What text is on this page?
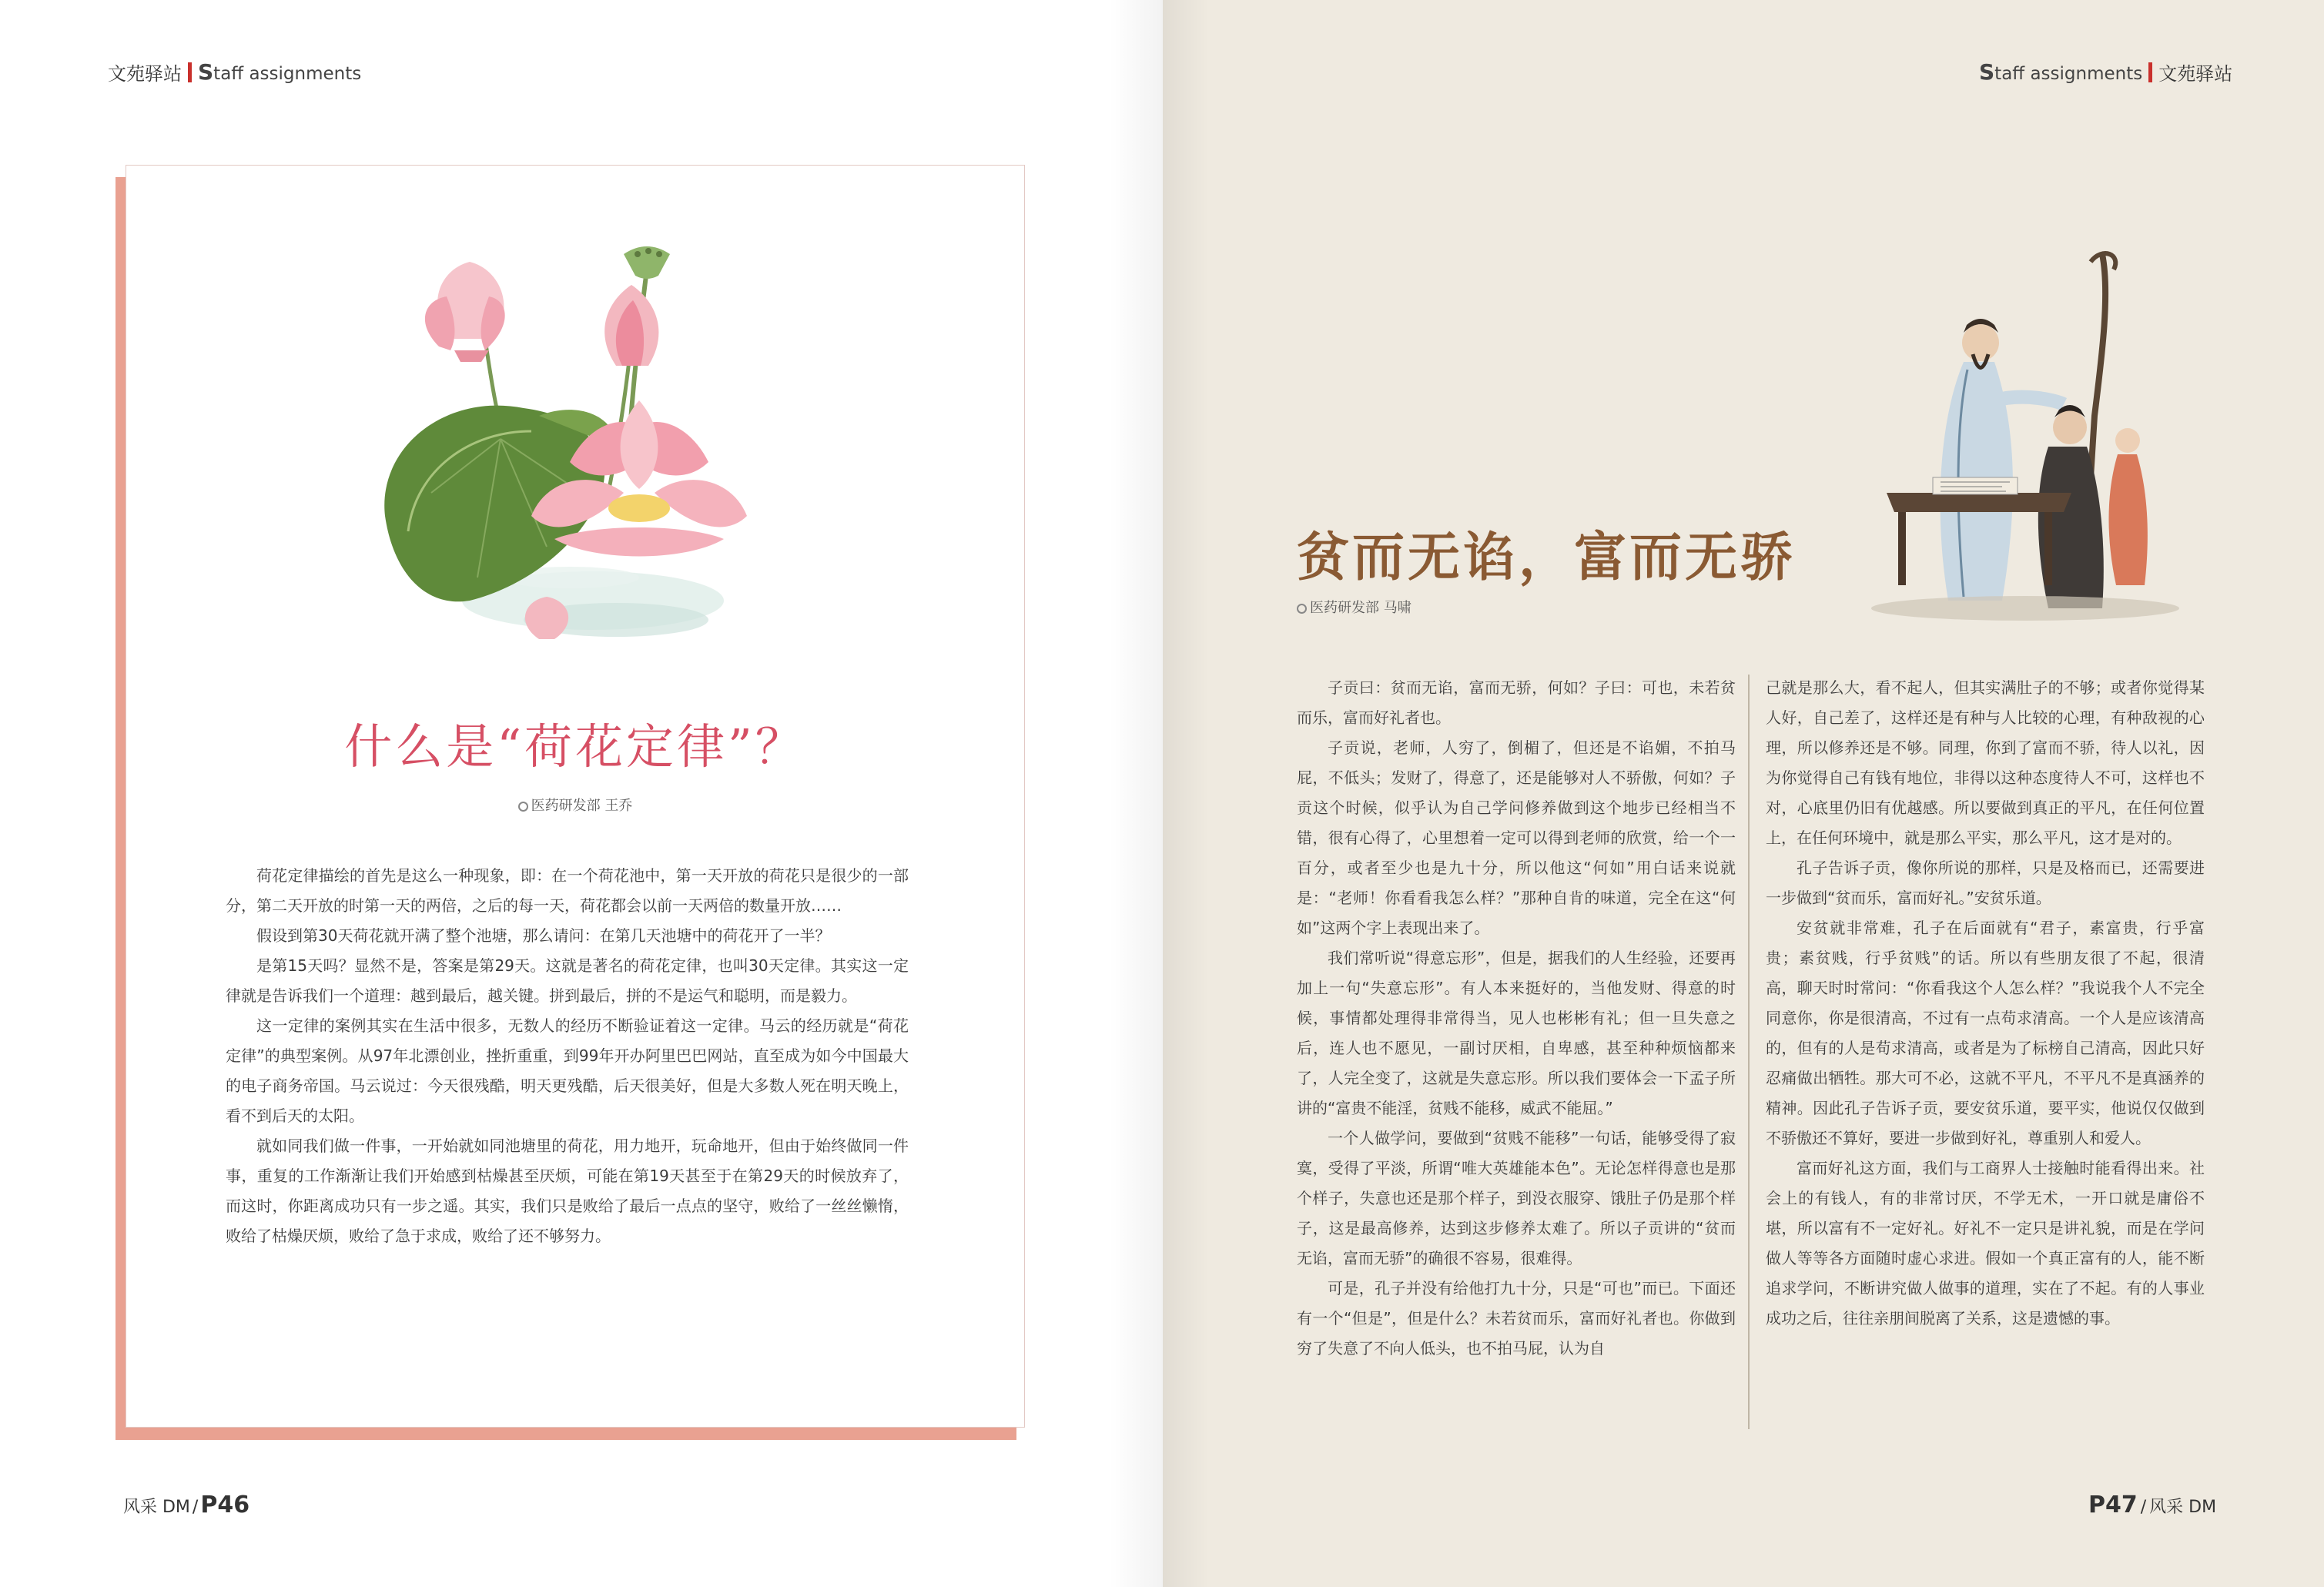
文苑驿站 Staff assignments	Staff assignments 文苑驿站
什么是“荷花定律”？
医药研发部 王乔

荷花定律描绘的首先是这么一种现象，即：在一个荷花池中，第一天开放的荷花只是很少的一部分，第二天开放的时第一天的两倍，之后的每一天，荷花都会以前一天两倍的数量开放……

假设到第30天荷花就开满了整个池塘，那么请问：在第几天池塘中的荷花开了一半？

是第15天吗？显然不是，答案是第29天。这就是著名的荷花定律，也叫30天定律。其实这一定律就是告诉我们一个道理：越到最后，越关键。拼到最后，拼的不是运气和聪明，而是毅力。

这一定律的案例其实在生活中很多，无数人的经历不断验证着这一定律。马云的经历就是“荷花定律”的典型案例。从97年北漂创业，挫折重重，到99年开办阿里巴巴网站，直至成为如今中国最大的电子商务帝国。马云说过：今天很残酷，明天更残酷，后天很美好，但是大多数人死在明天晚上，看不到后天的太阳。

就如同我们做一件事，一开始就如同池塘里的荷花，用力地开，玩命地开，但由于始终做同一件事，重复的工作渐渐让我们开始感到枯燥甚至厌烦，可能在第19天甚至于在第29天的时候放弃了，而这时，你距离成功只有一步之遥。其实，我们只是败给了最后一点点的坚守，败给了一丝丝懒惰，败给了枯燥厌烦，败给了急于求成，败给了还不够努力。

风采 DM / P46
贫而无谄，富而无骄
医药研发部 马啸

子贡曰：贫而无谄，富而无骄，何如？子曰：可也，未若贫而乐，富而好礼者也。

子贡说，老师，人穷了，倒楣了，但还是不谄媚，不拍马屁，不低头；发财了，得意了，还是能够对人不骄傲，何如？子贡这个时候，似乎认为自己学问修养做到这个地步已经相当不错，很有心得了，心里想着一定可以得到老师的欣赏，给一个一百分，或者至少也是九十分，所以他这“何如”用白话来说就是：“老师！你看看我怎么样？”那种自肯的味道，完全在这“何如”这两个字上表现出来了。

我们常听说“得意忘形”，但是，据我们的人生经验，还要再加上一句“失意忘形”。有人本来挺好的，当他发财、得意的时候，事情都处理得非常得当，见人也彬彬有礼；但一旦失意之后，连人也不愿见，一副讨厌相，自卑感，甚至种种烦恼都来了，人完全变了，这就是失意忘形。所以我们要体会一下孟子所讲的“富贵不能淫，贫贱不能移，威武不能屈。”

一个人做学问，要做到“贫贱不能移”一句话，能够受得了寂寞，受得了平淡，所谓“唯大英雄能本色”。无论怎样得意也是那个样子，失意也还是那个样子，到没衣服穿、饿肚子仍是那个样子，这是最高修养，达到这步修养太难了。所以子贡讲的“贫而无谄，富而无骄”的确很不容易，很难得。

可是，孔子并没有给他打九十分，只是“可也”而已。下面还有一个“但是”，但是什么？未若贫而乐，富而好礼者也。你做到穷了失意了不向人低头，也不拍马屁，认为自

己就是那么大，看不起人，但其实满肚子的不够；或者你觉得某人好，自己差了，这样还是有种与人比较的心理，有种敌视的心理，所以修养还是不够。同理，你到了富而不骄，待人以礼，因为你觉得自己有钱有地位，非得以这种态度待人不可，这样也不对，心底里仍旧有优越感。所以要做到真正的平凡，在任何位置上，在任何环境中，就是那么平实，那么平凡，这才是对的。

孔子告诉子贡，像你所说的那样，只是及格而已，还需要进一步做到“贫而乐，富而好礼。”安贫乐道。

安贫就非常难，孔子在后面就有“君子，素富贵，行乎富贵；素贫贱，行乎贫贱”的话。所以有些朋友很了不起，很清高，聊天时时常问：“你看我这个人怎么样？”我说我个人不完全同意你，你是很清高，不过有一点苟求清高。一个人是应该清高的，但有的人是苟求清高，或者是为了标榜自己清高，因此只好忍痛做出牺牲。那大可不必，这就不平凡，不平凡不是真涵养的精神。因此孔子告诉子贡，要安贫乐道，要平实，他说仅仅做到不骄傲还不算好，要进一步做到好礼，尊重别人和爱人。

富而好礼这方面，我们与工商界人士接触时能看得出来。社会上的有钱人，有的非常讨厌，不学无术，一开口就是庸俗不堪，所以富有不一定好礼。好礼不一定只是讲礼貌，而是在学问做人等等各方面随时虚心求进。假如一个真正富有的人，能不断追求学问，不断讲究做人做事的道理，实在了不起。有的人事业成功之后，往往亲朋间脱离了关系，这是遗憾的事。

P47 / 风采 DM
